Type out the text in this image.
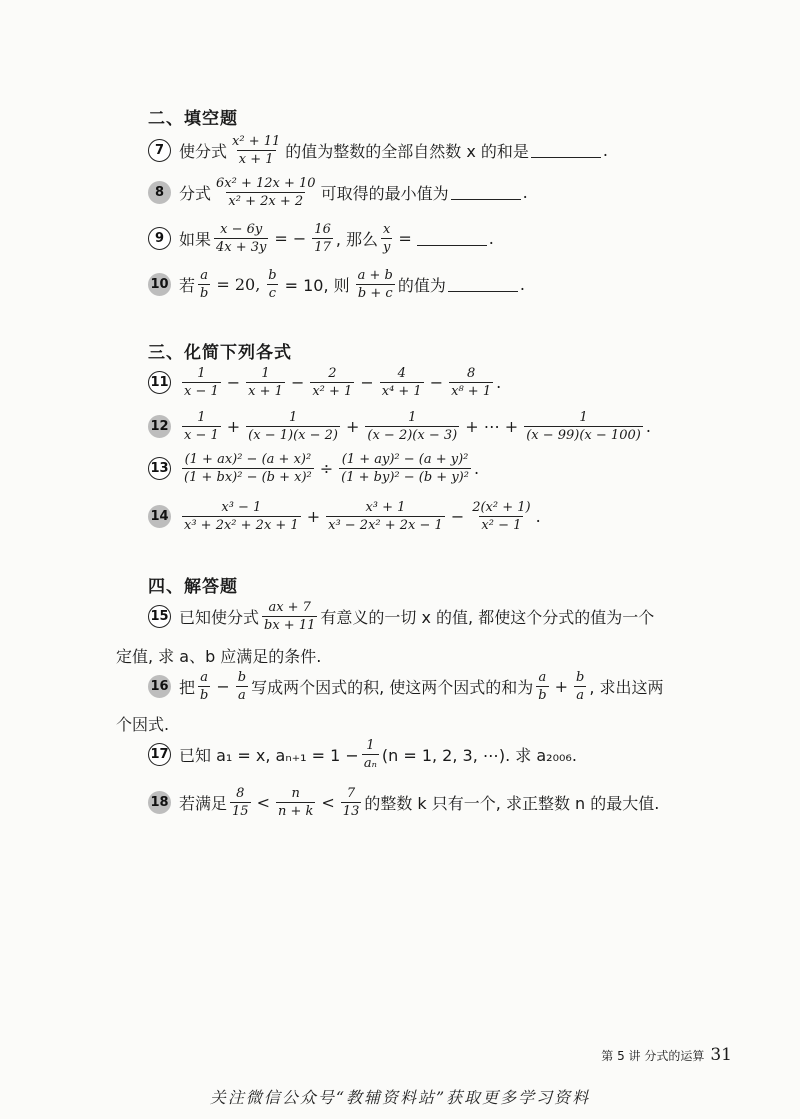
二、填空题
7 使分式 $\frac{\text{x² + 11}}{x + 1}$ 的值为整数的全部自然数 x 的和是	.
8 分式 $\frac{\text{6x² + 12x + 10}}{\text{x² + 2x + 2}}$ 可取得的最小值为	.
9 如果 $\frac{x - 6y}{4x + 3y}$ = − $\frac{16}{17}$ , 那么 $\frac{x}{y}$ =	.
10 若 $\frac{a}{b} = 20$, $\frac{b}{c} = 10$, 则 $\frac{a + b}{b + c}$ 的值为	.
三、化简下列各式
$11 \frac{1}{x - 1} - \frac{1}{x + 1} - \frac{2}{\text{x² + 1}} - \frac{4}{\text{x⁴ + 1}} - \frac{8}{\text{x⁸ + 1}}$ .
$12 \frac{1}{x - 1} + \frac{1}{(x - 1)(x - 2)} + \frac{1}{(x - 2)(x - 3)}$ + ⋯ + $\frac{1}{(x - 99)(x - 100)}$ .
$13 \frac{\text{(1 + ax)² − (a + x)²}}{\text{(1 + bx)² − (b + x)²}} \div \frac{\text{(1 + ay)² − (a + y)²}}{\text{(1 + by)² − (b + y)²}}$ .
$14 \frac{\text{x³ − 1}}{\text{x³ + 2x² + 2x + 1}} + \frac{\text{x³ + 1}}{\text{x³ − 2x² + 2x − 1}} - \frac{\text{2(x² + 1)}}{\text{x² − 1}}$ .
四、解答题
15 已知使分式 $\frac{ax + 7}{bx + 11}$ 有意义的一切 x 的值, 都使这个分式的值为一个
定值, 求 a、b 应满足的条件.
16 把 $\frac{a}{b} - \frac{b}{a}$ 写成两个因式的积, 使这两个因式的和为 $\frac{a}{b} + \frac{b}{a}$ , 求出这两
个因式.
17 已知 a₁ = x, $a_{n+1} = 1 - \frac{1}{\text{aₙ}} (n = 1$, 2, 3, ⋯). 求 a₂₀₀₆.
18 若满足 $\frac{8}{15} < \frac{n}{n + k} < \frac{7}{13}$ 的整数 k 只有一个, 求正整数 n 的最大值.
第 5 讲 分式的运算 31
关注微信公众号“教辅资料站”获取更多学习资料
